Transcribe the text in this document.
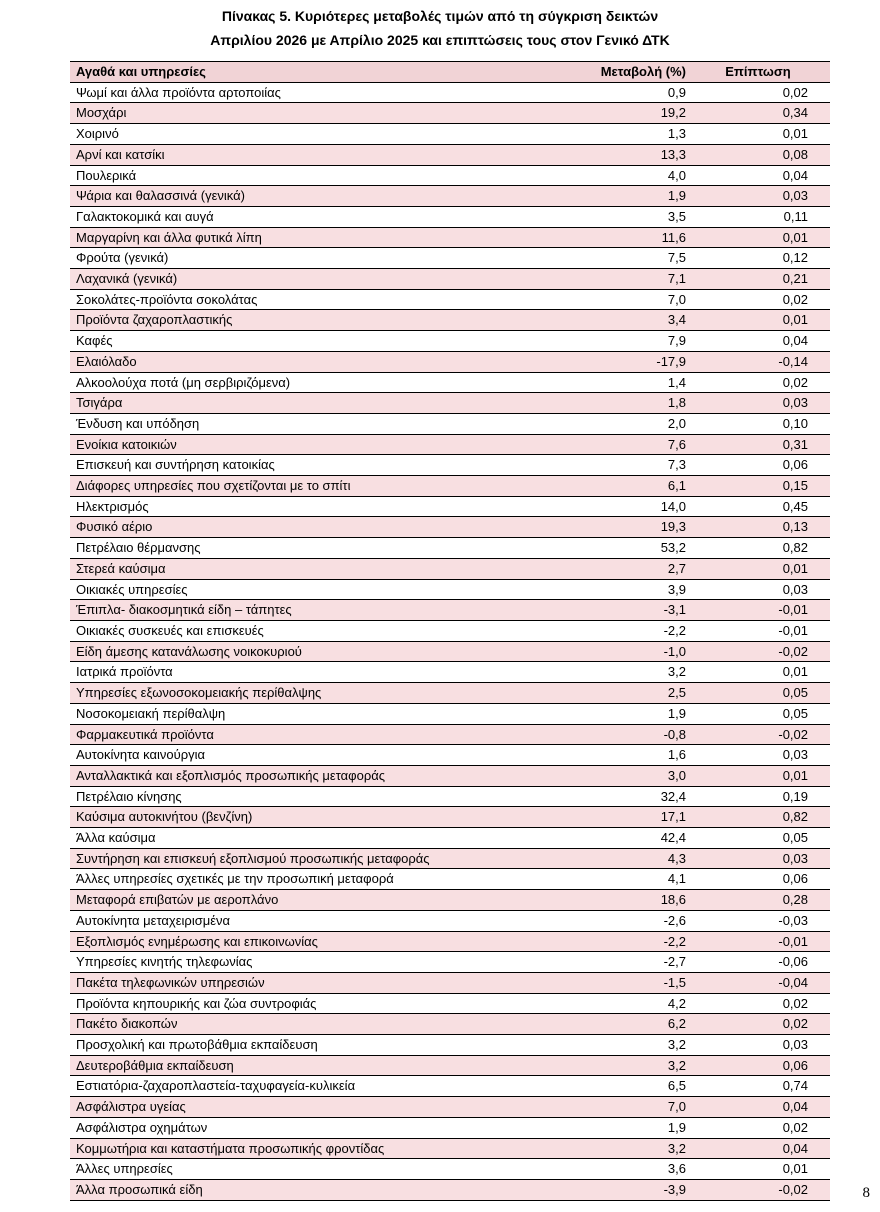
Πίνακας 5. Κυριότερες μεταβολές τιμών από τη σύγκριση δεικτών
Απριλίου 2026 με Απρίλιο 2025 και επιπτώσεις τους στον Γενικό ΔΤΚ
Αγαθά και υπηρεσίες	Μεταβολή (%)	Επίπτωση
Ψωμί και άλλα προϊόντα αρτοποιίας	0,9	0,02
Μοσχάρι	19,2	0,34
Χοιρινό	1,3	0,01
Αρνί και κατσίκι	13,3	0,08
Πουλερικά	4,0	0,04
Ψάρια και θαλασσινά (γενικά)	1,9	0,03
Γαλακτοκομικά και αυγά	3,5	0,11
Μαργαρίνη και άλλα φυτικά λίπη	11,6	0,01
Φρούτα (γενικά)	7,5	0,12
Λαχανικά (γενικά)	7,1	0,21
Σοκολάτες-προϊόντα σοκολάτας	7,0	0,02
Προϊόντα ζαχαροπλαστικής	3,4	0,01
Καφές	7,9	0,04
Ελαιόλαδο	-17,9	-0,14
Αλκοολούχα ποτά (μη σερβιριζόμενα)	1,4	0,02
Τσιγάρα	1,8	0,03
Ένδυση και υπόδηση	2,0	0,10
Ενοίκια κατοικιών	7,6	0,31
Επισκευή και συντήρηση κατοικίας	7,3	0,06
Διάφορες υπηρεσίες που σχετίζονται με το σπίτι	6,1	0,15
Ηλεκτρισμός	14,0	0,45
Φυσικό αέριο	19,3	0,13
Πετρέλαιο θέρμανσης	53,2	0,82
Στερεά καύσιμα	2,7	0,01
Οικιακές υπηρεσίες	3,9	0,03
Έπιπλα- διακοσμητικά είδη – τάπητες	-3,1	-0,01
Οικιακές συσκευές και επισκευές	-2,2	-0,01
Είδη άμεσης κατανάλωσης νοικοκυριού	-1,0	-0,02
Ιατρικά προϊόντα	3,2	0,01
Υπηρεσίες εξωνοσοκομειακής περίθαλψης	2,5	0,05
Νοσοκομειακή περίθαλψη	1,9	0,05
Φαρμακευτικά προϊόντα	-0,8	-0,02
Αυτοκίνητα καινούργια	1,6	0,03
Ανταλλακτικά και εξοπλισμός προσωπικής μεταφοράς	3,0	0,01
Πετρέλαιο κίνησης	32,4	0,19
Καύσιμα αυτοκινήτου (βενζίνη)	17,1	0,82
Άλλα καύσιμα	42,4	0,05
Συντήρηση και επισκευή εξοπλισμού προσωπικής μεταφοράς	4,3	0,03
Άλλες υπηρεσίες σχετικές με την προσωπική μεταφορά	4,1	0,06
Μεταφορά επιβατών με αεροπλάνο	18,6	0,28
Αυτοκίνητα μεταχειρισμένα	-2,6	-0,03
Εξοπλισμός ενημέρωσης και επικοινωνίας	-2,2	-0,01
Υπηρεσίες κινητής τηλεφωνίας	-2,7	-0,06
Πακέτα τηλεφωνικών υπηρεσιών	-1,5	-0,04
Προϊόντα κηπουρικής και ζώα συντροφιάς	4,2	0,02
Πακέτο διακοπών	6,2	0,02
Προσχολική και πρωτοβάθμια εκπαίδευση	3,2	0,03
Δευτεροβάθμια εκπαίδευση	3,2	0,06
Εστιατόρια-ζαχαροπλαστεία-ταχυφαγεία-κυλικεία	6,5	0,74
Ασφάλιστρα υγείας	7,0	0,04
Ασφάλιστρα οχημάτων	1,9	0,02
Κομμωτήρια και καταστήματα προσωπικής φροντίδας	3,2	0,04
Άλλες υπηρεσίες	3,6	0,01
Άλλα προσωπικά είδη	-3,9	-0,02	8
